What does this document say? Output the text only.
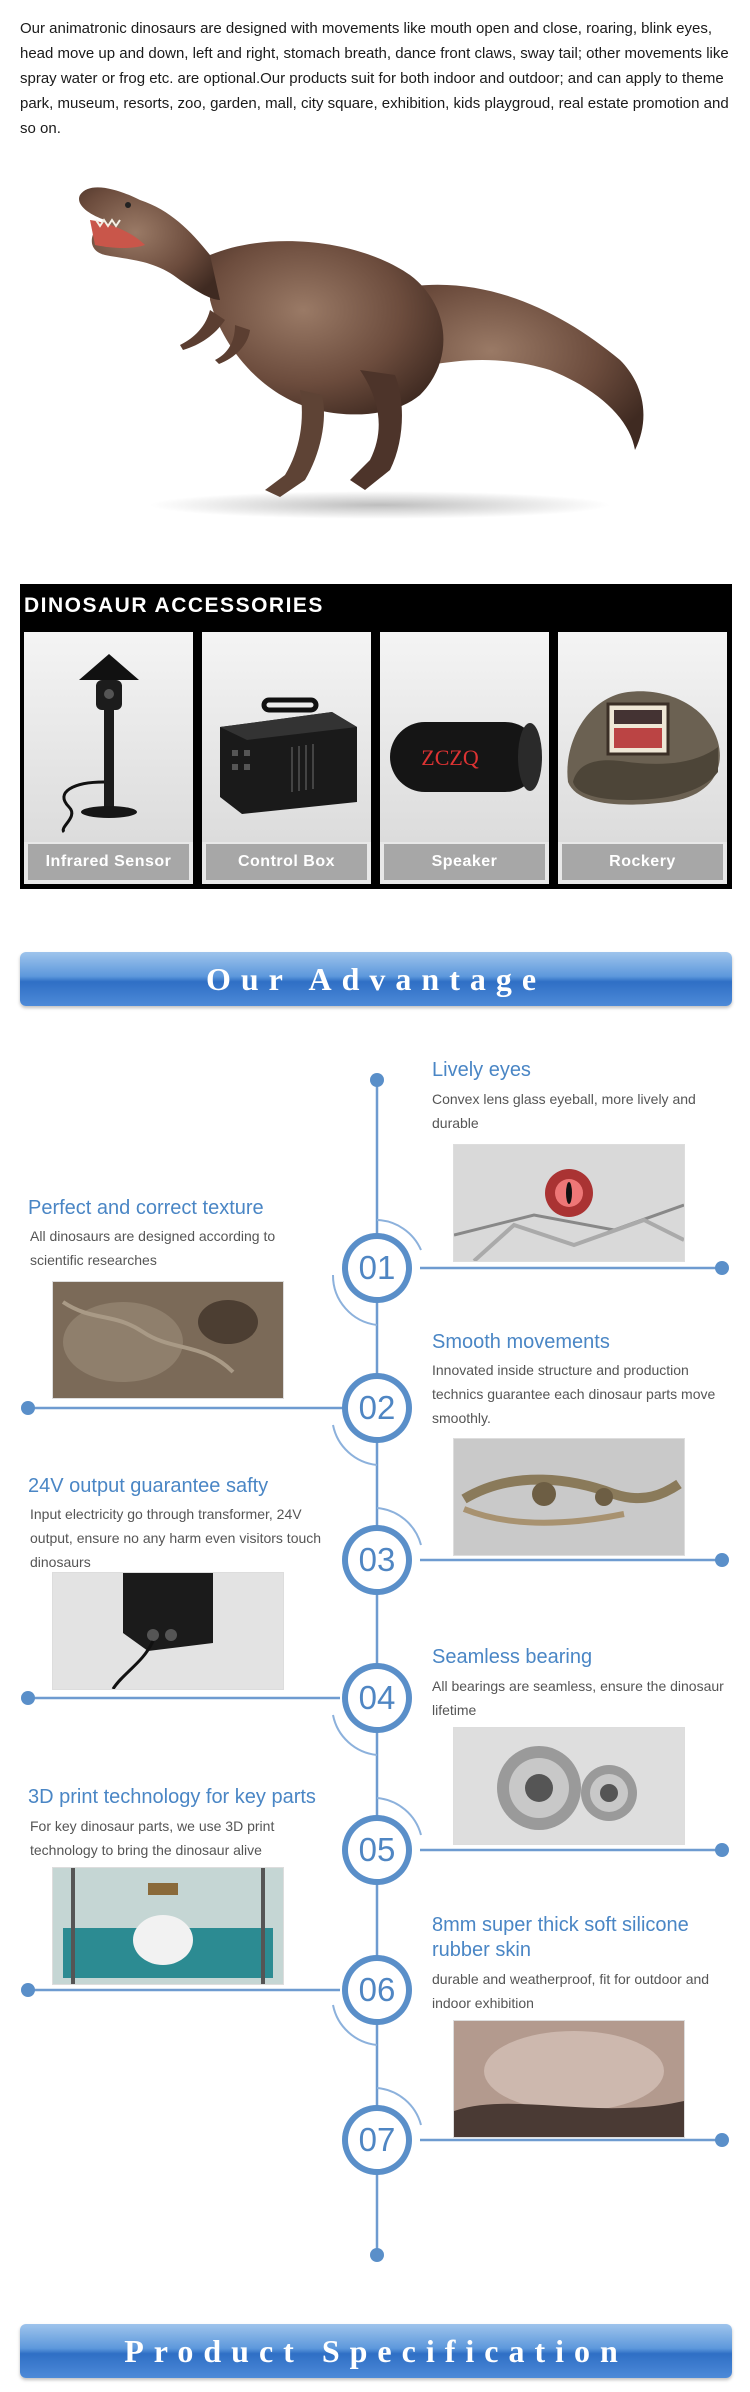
Our animatronic dinosaurs are designed with movements like mouth open and close, roaring, blink eyes, head move up and down, left and right, stomach breath, dance front claws, sway tail; other movements like spray water or frog etc. are optional.Our products suit for both indoor and outdoor; and can apply to theme park, museum, resorts, zoo, garden, mall, city square, exhibition, kids playgroud, real estate promotion and so on.
DINOSAUR ACCESSORIES
Infrared Sensor	Control Box
ZCZQ
Speaker	Rockery
Our Advantage
Lively eyes
Convex lens glass eyeball, more lively and durable
Perfect and correct texture
All dinosaurs are designed according to scientific researches	01
Smooth movements
Innovated inside structure and production technics guarantee each dinosaur parts move smoothly.
02
24V output guarantee safty
Input electricity go through transformer, 24V output, ensure no any harm even visitors touch dinosaurs	03
Seamless bearing
All bearings are seamless, ensure the dinosaur lifetime
04
3D print technology for key parts
For key dinosaur parts, we use 3D print technology to bring the dinosaur alive	05
8mm super thick soft silicone rubber skin
durable and weatherproof, fit for outdoor and indoor exhibition
06
07
Product Specification
